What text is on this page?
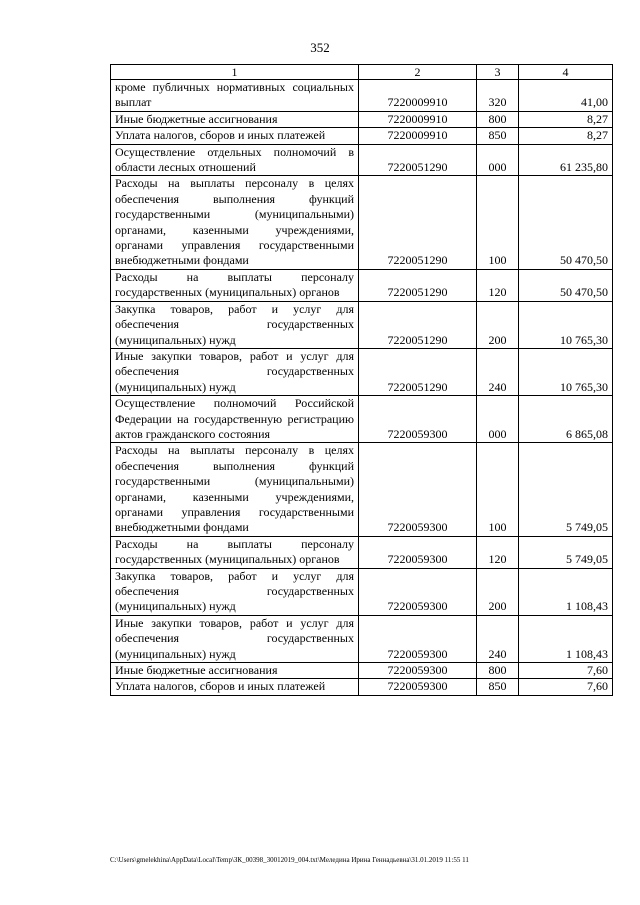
352
1	2	3	4
кроме публичных нормативных социальных выплат	7220009910	320	41,00
Иные бюджетные ассигнования	7220009910	800	8,27
Уплата налогов, сборов и иных платежей	7220009910	850	8,27
Осуществление отдельных полномочий в области лесных отношений	7220051290	000	61 235,80
Расходы на выплаты персоналу в целях обеспечения выполнения функций государственными (муниципальными) органами, казенными учреждениями, органами управления государственными внебюджетными фондами	7220051290	100	50 470,50
Расходы на выплаты персоналу государственных (муниципальных) органов	7220051290	120	50 470,50
Закупка товаров, работ и услуг для обеспечения государственных (муниципальных) нужд	7220051290	200	10 765,30
Иные закупки товаров, работ и услуг для обеспечения государственных (муниципальных) нужд	7220051290	240	10 765,30
Осуществление полномочий Российской Федерации на государственную регистрацию актов гражданского состояния	7220059300	000	6 865,08
Расходы на выплаты персоналу в целях обеспечения выполнения функций государственными (муниципальными) органами, казенными учреждениями, органами управления государственными внебюджетными фондами	7220059300	100	5 749,05
Расходы на выплаты персоналу государственных (муниципальных) органов	7220059300	120	5 749,05
Закупка товаров, работ и услуг для обеспечения государственных (муниципальных) нужд	7220059300	200	1 108,43
Иные закупки товаров, работ и услуг для обеспечения государственных (муниципальных) нужд	7220059300	240	1 108,43
Иные бюджетные ассигнования	7220059300	800	7,60
Уплата налогов, сборов и иных платежей	7220059300	850	7,60
C:\Users\gmelekhina\AppData\Local\Temp\ЗК_00398_30012019_004.txt\Меледина Ирина Геннадьевна\31.01.2019 11:55 11
